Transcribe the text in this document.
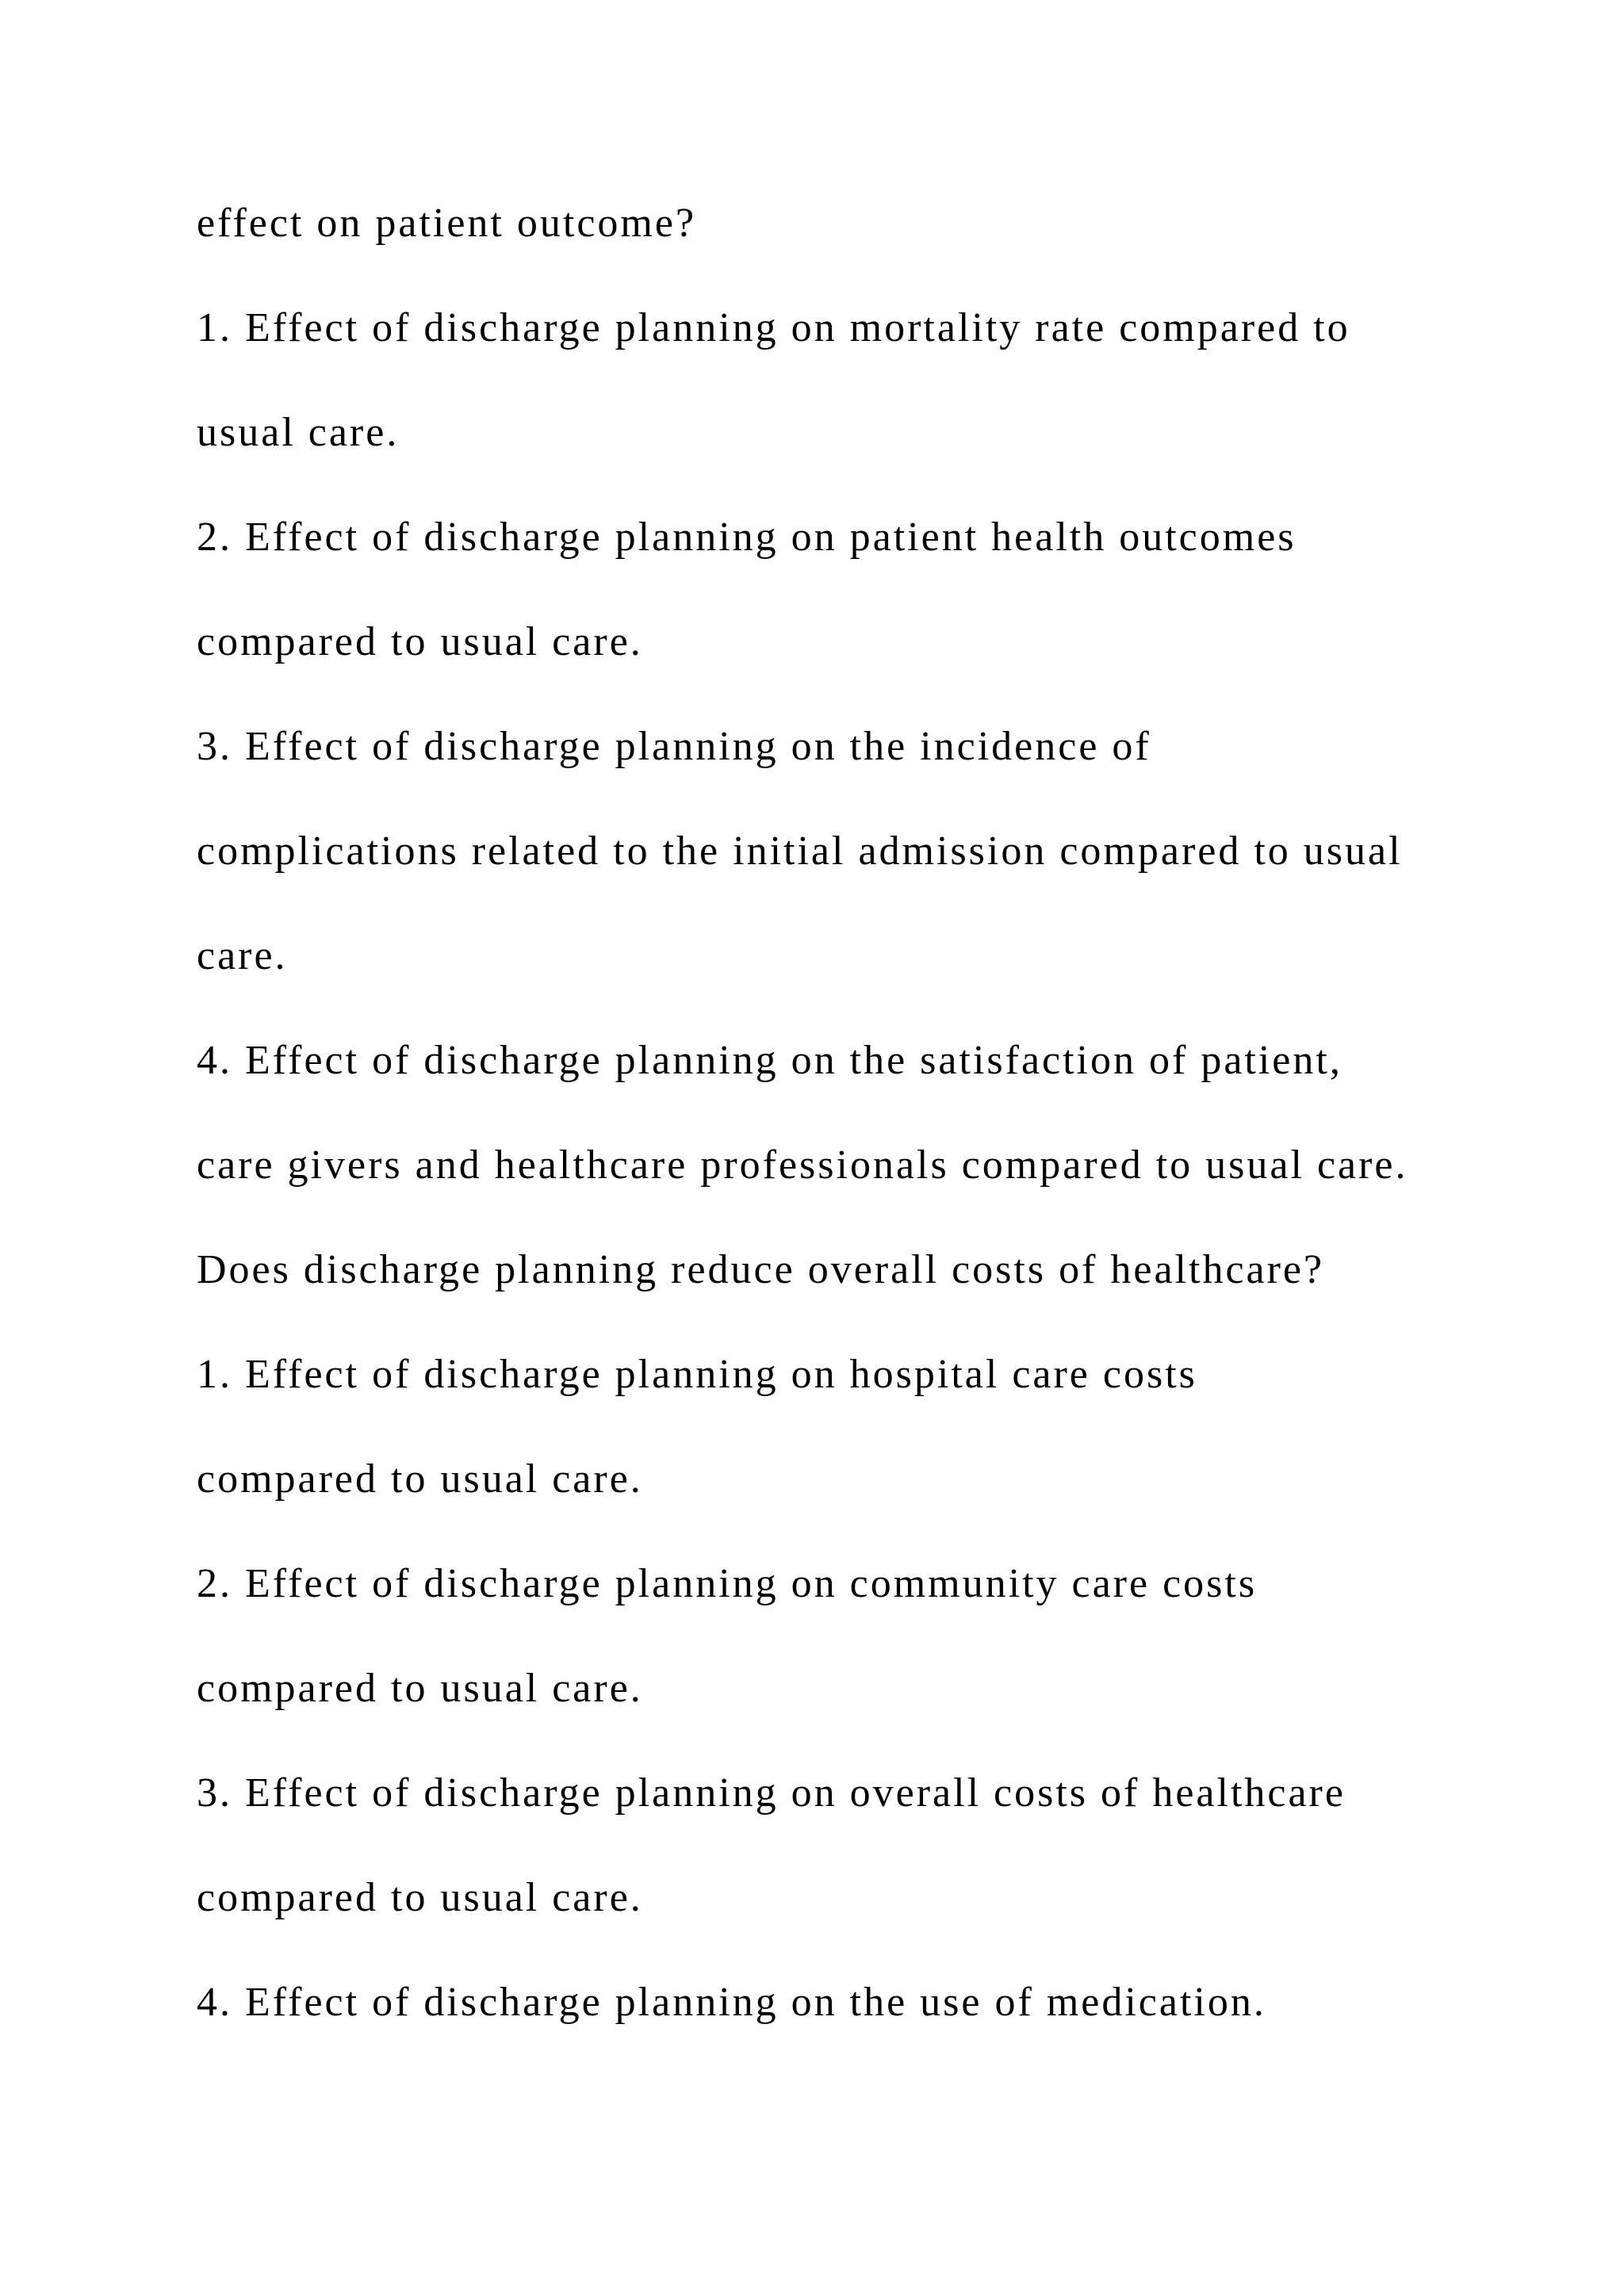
effect on patient outcome?

1. Effect of discharge planning on mortality rate compared to

usual care.

2. Effect of discharge planning on patient health outcomes

compared to usual care.

3. Effect of discharge planning on the incidence of

complications related to the initial admission compared to usual

care.

4. Effect of discharge planning on the satisfaction of patient,

care givers and healthcare professionals compared to usual care.

Does discharge planning reduce overall costs of healthcare?

1. Effect of discharge planning on hospital care costs

compared to usual care.

2. Effect of discharge planning on community care costs

compared to usual care.

3. Effect of discharge planning on overall costs of healthcare

compared to usual care.

4. Effect of discharge planning on the use of medication.
